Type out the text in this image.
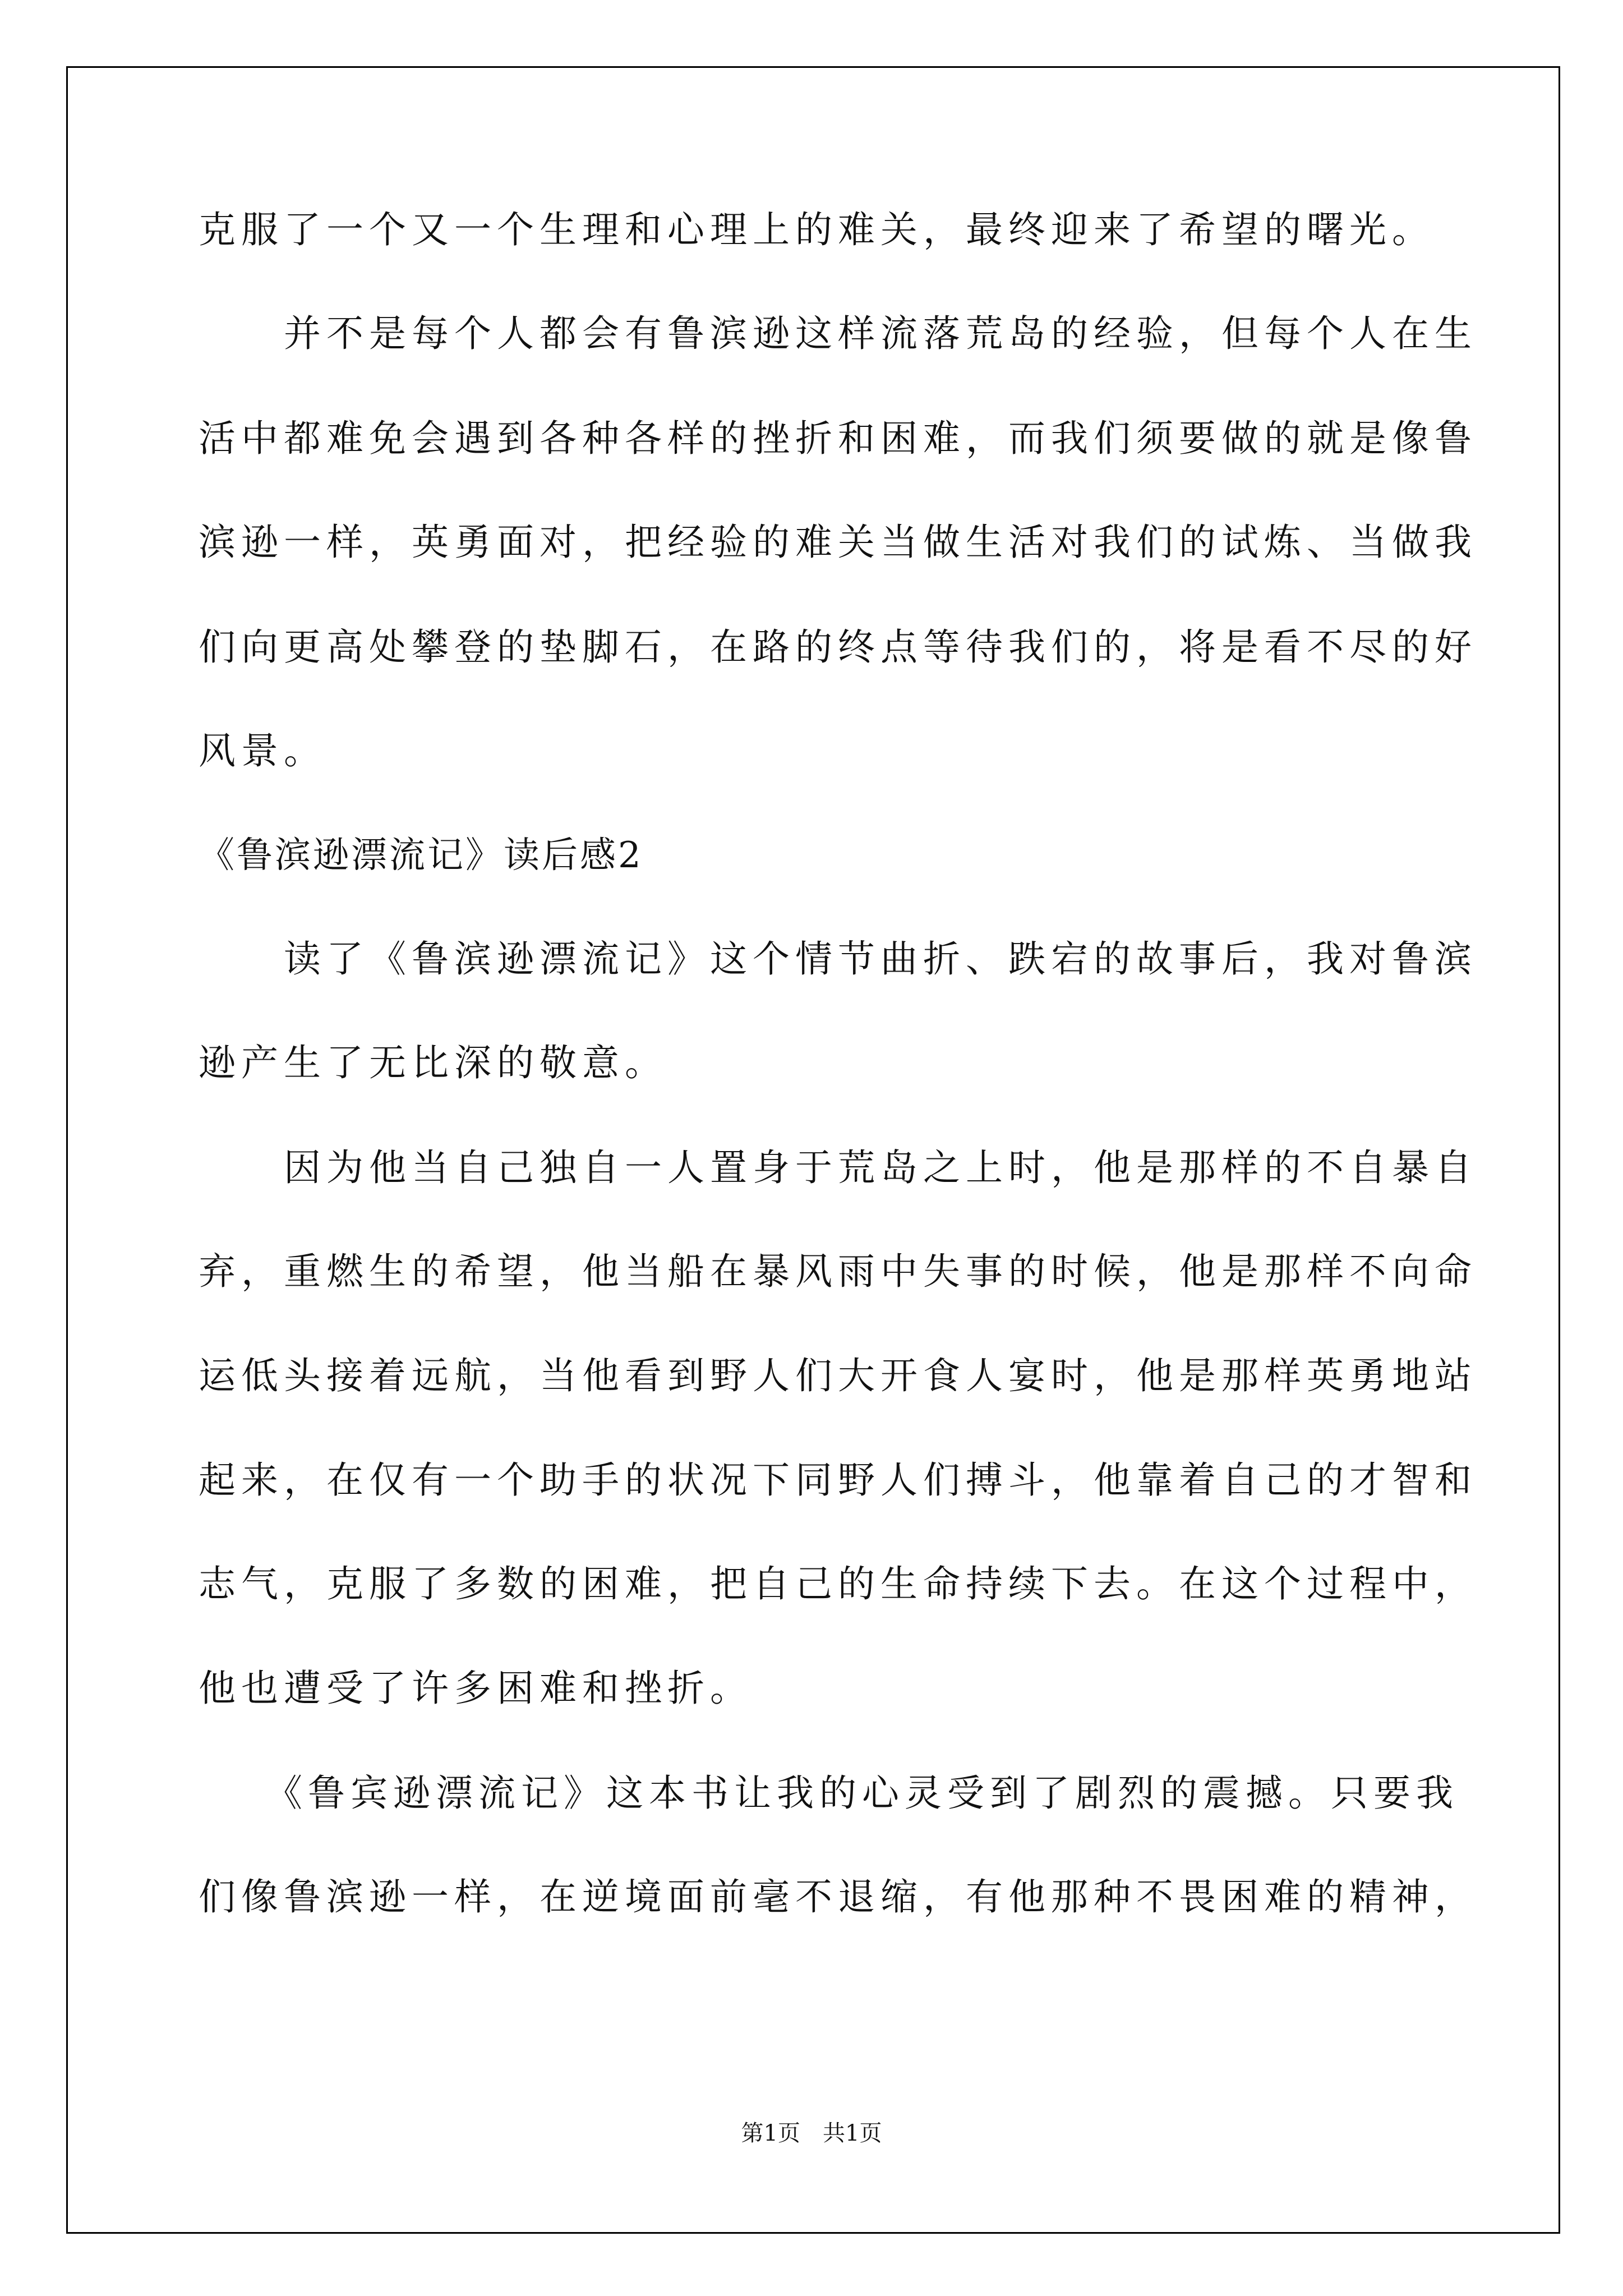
克服了一个又一个生理和心理上的难关，最终迎来了希望的曙光。
　　并不是每个人都会有鲁滨逊这样流落荒岛的经验，但每个人在生
活中都难免会遇到各种各样的挫折和困难，而我们须要做的就是像鲁
滨逊一样，英勇面对，把经验的难关当做生活对我们的试炼、当做我
们向更高处攀登的垫脚石，在路的终点等待我们的，将是看不尽的好
风景。
《鲁滨逊漂流记》读后感2
　　读了《鲁滨逊漂流记》这个情节曲折、跌宕的故事后，我对鲁滨
逊产生了无比深的敬意。
　　因为他当自己独自一人置身于荒岛之上时，他是那样的不自暴自
弃，重燃生的希望，他当船在暴风雨中失事的时候，他是那样不向命
运低头接着远航，当他看到野人们大开食人宴时，他是那样英勇地站
起来，在仅有一个助手的状况下同野人们搏斗，他靠着自己的才智和
志气，克服了多数的困难，把自己的生命持续下去。在这个过程中，
他也遭受了许多困难和挫折。
　　《鲁宾逊漂流记》这本书让我的心灵受到了剧烈的震撼。只要我
们像鲁滨逊一样，在逆境面前毫不退缩，有他那种不畏困难的精神，
第1页　共1页
